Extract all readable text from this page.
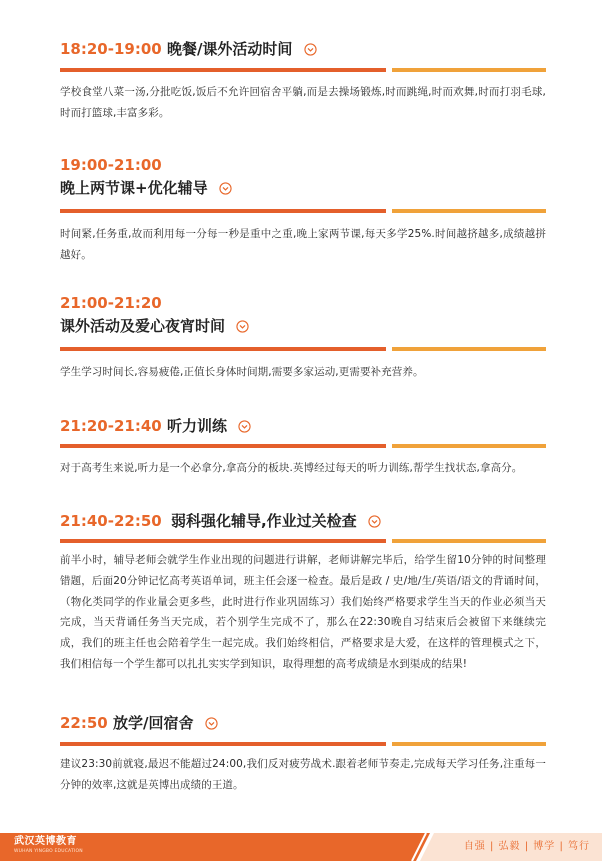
18:20-19:00 晚餐/课外活动时间
学校食堂八菜一汤,分批吃饭,饭后不允许回宿舍平躺,而是去操场锻炼,时而跳绳,时而欢舞,时而打羽毛球,时而打篮球,丰富多彩。
19:00-21:00
晚上两节课+优化辅导
时间紧,任务重,故而利用每一分每一秒是重中之重,晚上家两节课,每天多学25%.时间越挤越多,成绩越拼越好。
21:00-21:20
课外活动及爱心夜宵时间
学生学习时间长,容易疲倦,正值长身体时间期,需要多家运动,更需要补充营养。
21:20-21:40 听力训练
对于高考生来说,听力是一个必拿分,拿高分的板块.英博经过每天的听力训练,帮学生找状态,拿高分。
21:40-22:50 弱科强化辅导,作业过关检查
前半小时，辅导老师会就学生作业出现的问题进行讲解，老师讲解完毕后，给学生留10分钟的时间整理错题，后面20分钟记忆高考英语单词，班主任会逐一检查。最后是政 / 史/地/生/英语/语文的背诵时间，（物化类同学的作业量会更多些，此时进行作业巩固练习）我们始终严格要求学生当天的作业必须当天完成，当天背诵任务当天完成，若个别学生完成不了，那么在22:30晚自习结束后会被留下来继续完成，我们的班主任也会陪着学生一起完成。我们始终相信，严格要求是大爱，在这样的管理模式之下，我们相信每一个学生都可以扎扎实实学到知识，取得理想的高考成绩是水到渠成的结果!
22:50 放学/回宿舍
建议23:30前就寝,最迟不能超过24:00,我们反对疲劳战术.跟着老师节奏走,完成每天学习任务,注重每一分钟的效率,这就是英博出成绩的王道。
武汉英博教育
WUHAN YINGBO EDUCATION	自强 | 弘毅 | 博学 | 笃行
